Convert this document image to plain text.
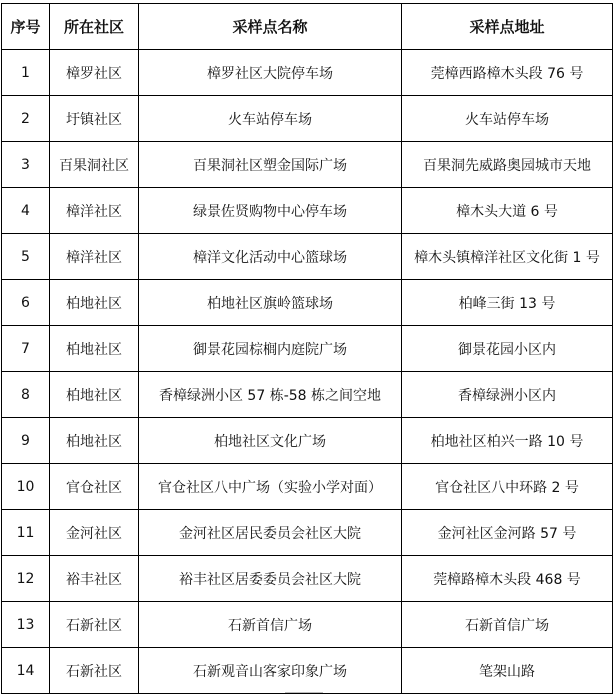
序号	所在社区	采样点名称	采样点地址
1	樟罗社区	樟罗社区大院停车场	莞樟西路樟木头段 76 号
2	圩镇社区	火车站停车场	火车站停车场
3	百果洞社区	百果洞社区塑金国际广场	百果洞先威路奥园城市天地
4	樟洋社区	绿景佐贤购物中心停车场	樟木头大道 6 号
5	樟洋社区	樟洋文化活动中心篮球场	樟木头镇樟洋社区文化街 1 号
6	柏地社区	柏地社区旗岭篮球场	柏峰三街 13 号
7	柏地社区	御景花园棕榈内庭院广场	御景花园小区内
8	柏地社区	香樟绿洲小区 57 栋-58 栋之间空地	香樟绿洲小区内
9	柏地社区	柏地社区文化广场	柏地社区柏兴一路 10 号
10	官仓社区	官仓社区八中广场（实验小学对面）	官仓社区八中环路 2 号
11	金河社区	金河社区居民委员会社区大院	金河社区金河路 57 号
12	裕丰社区	裕丰社区居委委员会社区大院	莞樟路樟木头段 468 号
13	石新社区	石新首信广场	石新首信广场
14	石新社区	石新观音山客家印象广场	笔架山路
